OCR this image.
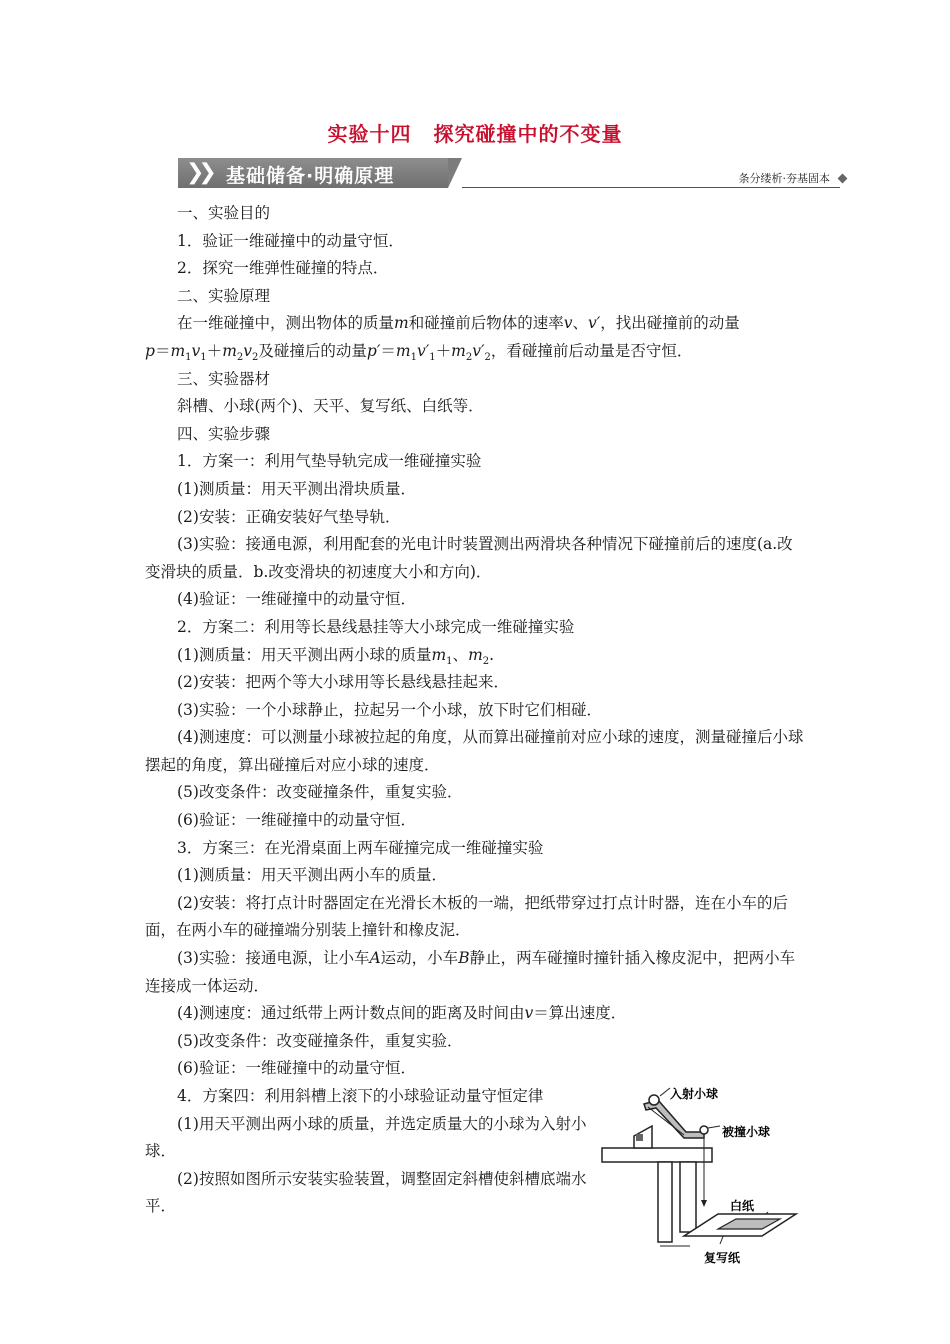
实验十四 探究碰撞中的不变量
❯❯ 基础储备·明确原理	条分缕析·夯基固本

一、实验目的

1．验证一维碰撞中的动量守恒．

2．探究一维弹性碰撞的特点．

二、实验原理

在一维碰撞中，测出物体的质量m和碰撞前后物体的速率v、v′，找出碰撞前的动量
$p=m_1v_1+m_2v_2$及碰撞后的动量$p'=m_1v'_1+m_2v'_2$，看碰撞前后动量是否守恒．

三、实验器材

斜槽、小球(两个)、天平、复写纸、白纸等．

四、实验步骤

1．方案一：利用气垫导轨完成一维碰撞实验

(1)测质量：用天平测出滑块质量．

(2)安装：正确安装好气垫导轨．

(3)实验：接通电源，利用配套的光电计时装置测出两滑块各种情况下碰撞前后的速度(a.改变滑块的质量．b.改变滑块的初速度大小和方向)．

(4)验证：一维碰撞中的动量守恒．

2．方案二：利用等长悬线悬挂等大小球完成一维碰撞实验

(1)测质量：用天平测出两小球的质量$m_1$、$m_2$.

(2)安装：把两个等大小球用等长悬线悬挂起来．

(3)实验：一个小球静止，拉起另一个小球，放下时它们相碰．

(4)测速度：可以测量小球被拉起的角度，从而算出碰撞前对应小球的速度，测量碰撞后小球摆起的角度，算出碰撞后对应小球的速度．

(5)改变条件：改变碰撞条件，重复实验．

(6)验证：一维碰撞中的动量守恒．

3．方案三：在光滑桌面上两车碰撞完成一维碰撞实验

(1)测质量：用天平测出两小车的质量．

(2)安装：将打点计时器固定在光滑长木板的一端，把纸带穿过打点计时器，连在小车的后面，在两小车的碰撞端分别装上撞针和橡皮泥．

(3)实验：接通电源，让小车A运动，小车B静止，两车碰撞时撞针插入橡皮泥中，把两小车连接成一体运动．

(4)测速度：通过纸带上两计数点间的距离及时间由v＝算出速度．

(5)改变条件：改变碰撞条件，重复实验．

(6)验证：一维碰撞中的动量守恒．

4．方案四：利用斜槽上滚下的小球验证动量守恒定律

(1)用天平测出两小球的质量，并选定质量大的小球为入射小球．

(2)按照如图所示安装实验装置，调整固定斜槽使斜槽底端水平．

入射小球
被撞小球
白纸
复写纸
